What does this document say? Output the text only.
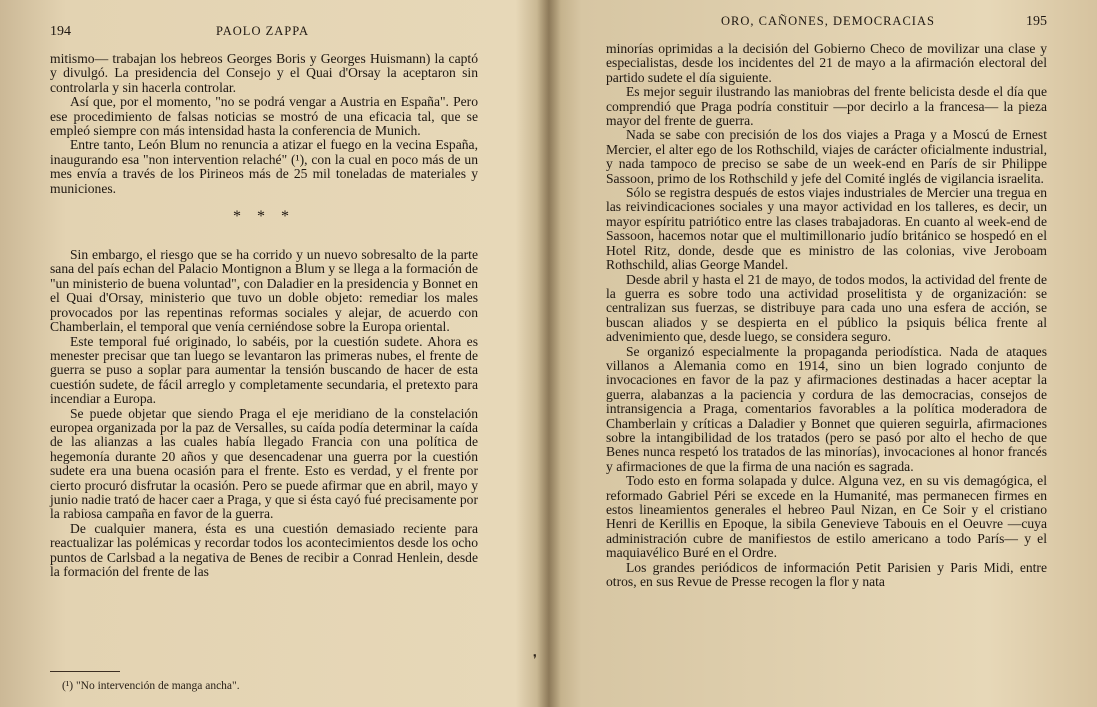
194	PAOLO ZAPPA

mitismo— trabajan los hebreos Georges Boris y Georges Huismann) la captó y divulgó. La presidencia del Consejo y el Quai d'Orsay la aceptaron sin controlarla y sin hacerla controlar.

Así que, por el momento, "no se podrá vengar a Austria en España". Pero ese procedimiento de falsas noticias se mostró de una eficacia tal, que se empleó siempre con más intensidad hasta la conferencia de Munich.

Entre tanto, León Blum no renuncia a atizar el fuego en la vecina España, inaugurando esa "non intervention relaché" (¹), con la cual en poco más de un mes envía a través de los Pirineos más de 25 mil toneladas de materiales y municiones.

* * *

Sin embargo, el riesgo que se ha corrido y un nuevo sobresalto de la parte sana del país echan del Palacio Montignon a Blum y se llega a la formación de "un ministerio de buena voluntad", con Daladier en la presidencia y Bonnet en el Quai d'Orsay, ministerio que tuvo un doble objeto: remediar los males provocados por las repentinas reformas sociales y alejar, de acuerdo con Chamberlain, el temporal que venía cerniéndose sobre la Europa oriental.

Este temporal fué originado, lo sabéis, por la cuestión sudete. Ahora es menester precisar que tan luego se levantaron las primeras nubes, el frente de guerra se puso a soplar para aumentar la tensión buscando de hacer de esta cuestión sudete, de fácil arreglo y completamente secundaria, el pretexto para incendiar a Europa.

Se puede objetar que siendo Praga el eje meridiano de la constelación europea organizada por la paz de Versalles, su caída podía determinar la caída de las alianzas a las cuales había llegado Francia con una política de hegemonía durante 20 años y que desencadenar una guerra por la cuestión sudete era una buena ocasión para el frente. Esto es verdad, y el frente por cierto procuró disfrutar la ocasión. Pero se puede afirmar que en abril, mayo y junio nadie trató de hacer caer a Praga, y que si ésta cayó fué precisamente por la rabiosa campaña en favor de la guerra.

De cualquier manera, ésta es una cuestión demasiado reciente para reactualizar las polémicas y recordar todos los acontecimientos desde los ocho puntos de Carlsbad a la negativa de Benes de recibir a Conrad Henlein, desde la formación del frente de las

(¹) "No intervención de manga ancha".
❜
ORO, CAÑONES, DEMOCRACIAS	195

minorías oprimidas a la decisión del Gobierno Checo de movilizar una clase y especialistas, desde los incidentes del 21 de mayo a la afirmación electoral del partido sudete el día siguiente.

Es mejor seguir ilustrando las maniobras del frente belicista desde el día que comprendió que Praga podría constituir —por decirlo a la francesa— la pieza mayor del frente de guerra.

Nada se sabe con precisión de los dos viajes a Praga y a Moscú de Ernest Mercier, el alter ego de los Rothschild, viajes de carácter oficialmente industrial, y nada tampoco de preciso se sabe de un week-end en París de sir Philippe Sassoon, primo de los Rothschild y jefe del Comité inglés de vigilancia israelita.

Sólo se registra después de estos viajes industriales de Mercier una tregua en las reivindicaciones sociales y una mayor actividad en los talleres, es decir, un mayor espíritu patriótico entre las clases trabajadoras. En cuanto al week-end de Sassoon, hacemos notar que el multimillonario judío británico se hospedó en el Hotel Ritz, donde, desde que es ministro de las colonias, vive Jeroboam Rothschild, alias George Mandel.

Desde abril y hasta el 21 de mayo, de todos modos, la actividad del frente de la guerra es sobre todo una actividad proselitista y de organización: se centralizan sus fuerzas, se distribuye para cada uno una esfera de acción, se buscan aliados y se despierta en el público la psiquis bélica frente al advenimiento que, desde luego, se considera seguro.

Se organizó especialmente la propaganda periodística. Nada de ataques villanos a Alemania como en 1914, sino un bien logrado conjunto de invocaciones en favor de la paz y afirmaciones destinadas a hacer aceptar la guerra, alabanzas a la paciencia y cordura de las democracias, consejos de intransigencia a Praga, comentarios favorables a la política moderadora de Chamberlain y críticas a Daladier y Bonnet que quieren seguirla, afirmaciones sobre la intangibilidad de los tratados (pero se pasó por alto el hecho de que Benes nunca respetó los tratados de las minorías), invocaciones al honor francés y afirmaciones de que la firma de una nación es sagrada.

Todo esto en forma solapada y dulce. Alguna vez, en su vis demagógica, el reformado Gabriel Péri se excede en la Humanité, mas permanecen firmes en estos lineamientos generales el hebreo Paul Nizan, en Ce Soir y el cristiano Henri de Kerillis en Epoque, la sibila Genevieve Tabouis en el Oeuvre —cuya administración cubre de manifiestos de estilo americano a todo París— y el maquiavélico Buré en el Ordre.

Los grandes periódicos de información Petit Parisien y Paris Midi, entre otros, en sus Revue de Presse recogen la flor y nata
